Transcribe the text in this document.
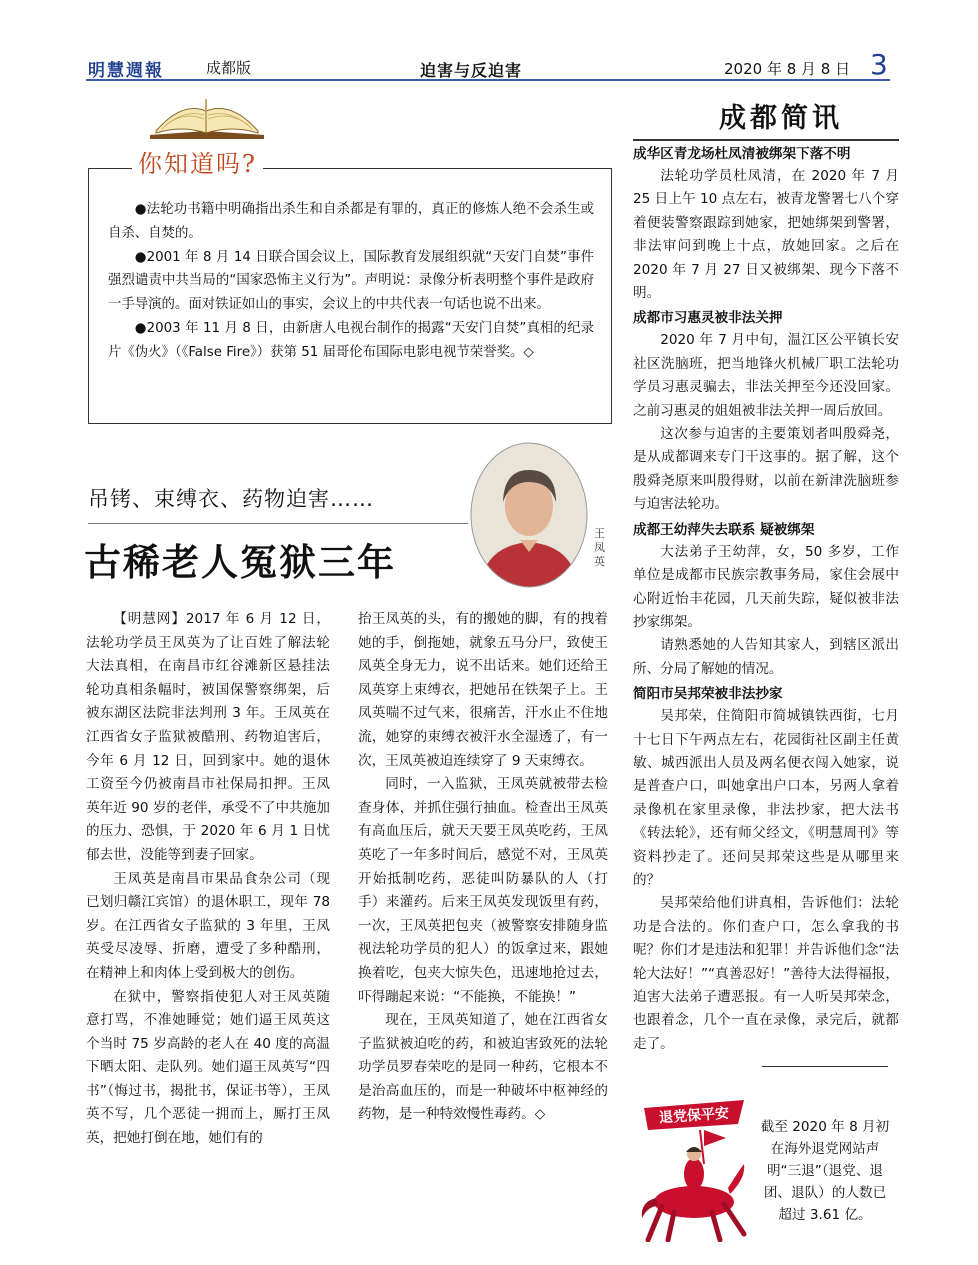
明慧週報	成都版	迫害与反迫害	2020 年 8 月 8 日 3
你知道吗?

●法轮功书籍中明确指出杀生和自杀都是有罪的，真正的修炼人绝不会杀生或自杀、自焚的。

●2001 年 8 月 14 日联合国会议上，国际教育发展组织就“天安门自焚”事件强烈谴责中共当局的“国家恐怖主义行为”。声明说：录像分析表明整个事件是政府一手导演的。面对铁证如山的事实，会议上的中共代表一句话也说不出来。

●2003 年 11 月 8 日，由新唐人电视台制作的揭露“天安门自焚”真相的纪录片《伪火》（《False Fire》）获第 51 届哥伦布国际电影电视节荣誉奖。◇

吊铐、束缚衣、药物迫害……
古稀老人冤狱三年
王凤英

【明慧网】2017 年 6 月 12 日，法轮功学员王凤英为了让百姓了解法轮大法真相，在南昌市红谷滩新区悬挂法轮功真相条幅时，被国保警察绑架，后被东湖区法院非法判刑 3 年。王凤英在江西省女子监狱被酷刑、药物迫害后，今年 6 月 12 日，回到家中。她的退休工资至今仍被南昌市社保局扣押。王凤英年近 90 岁的老伴，承受不了中共施加的压力、恐惧，于 2020 年 6 月 1 日忧郁去世，没能等到妻子回家。

王凤英是南昌市果品食杂公司（现已划归赣江宾馆）的退休职工，现年 78 岁。在江西省女子监狱的 3 年里，王凤英受尽凌辱、折磨，遭受了多种酷刑，在精神上和肉体上受到极大的创伤。

在狱中，警察指使犯人对王凤英随意打骂，不准她睡觉；她们逼王凤英这个当时 75 岁高龄的老人在 40 度的高温下晒太阳、走队列。她们逼王凤英写“四书”（悔过书，揭批书，保证书等），王凤英不写，几个恶徒一拥而上，厮打王凤英，把她打倒在地，她们有的

抬王凤英的头，有的搬她的脚，有的拽着她的手，倒拖她，就象五马分尸，致使王凤英全身无力，说不出话来。她们还给王凤英穿上束缚衣，把她吊在铁架子上。王凤英喘不过气来，很痛苦，汗水止不住地流，她穿的束缚衣被汗水全湿透了，有一次，王凤英被迫连续穿了 9 天束缚衣。

同时，一入监狱，王凤英就被带去检查身体，并抓住强行抽血。检查出王凤英有高血压后，就天天要王凤英吃药，王凤英吃了一年多时间后，感觉不对，王凤英开始抵制吃药，恶徒叫防暴队的人（打手）来灌药。后来王凤英发现饭里有药，一次，王凤英把包夹（被警察安排随身监视法轮功学员的犯人）的饭拿过来，跟她换着吃，包夹大惊失色，迅速地抢过去，吓得蹦起来说：“不能换，不能换！”

现在，王凤英知道了，她在江西省女子监狱被迫吃的药，和被迫害致死的法轮功学员罗春荣吃的是同一种药，它根本不是治高血压的，而是一种破坏中枢神经的药物，是一种特效慢性毒药。◇

成都简讯
成华区青龙场杜凤清被绑架下落不明

法轮功学员杜凤清，在 2020 年 7 月 25 日上午 10 点左右，被青龙警署七八个穿着便装警察跟踪到她家，把她绑架到警署，非法审问到晚上十点，放她回家。之后在 2020 年 7 月 27 日又被绑架、现今下落不明。

成都市习惠灵被非法关押

2020 年 7 月中旬，温江区公平镇长安社区洗脑班，把当地锋火机械厂职工法轮功学员习惠灵骗去，非法关押至今还没回家。之前习惠灵的姐姐被非法关押一周后放回。

这次参与迫害的主要策划者叫殷舜尧，是从成都调来专门干这事的。据了解，这个殷舜尧原来叫殷得财，以前在新津洗脑班参与迫害法轮功。

成都王幼萍失去联系 疑被绑架

大法弟子王幼萍，女，50 多岁，工作单位是成都市民族宗教事务局，家住会展中心附近怡丰花园，几天前失踪，疑似被非法抄家绑架。

请熟悉她的人告知其家人，到辖区派出所、分局了解她的情况。

简阳市吴邦荣被非法抄家

吴邦荣，住简阳市简城镇铁西街，七月十七日下午两点左右，花园街社区副主任黄敏、城西派出人员及两名便衣闯入她家，说是普查户口，叫她拿出户口本，另两人拿着录像机在家里录像，非法抄家，把大法书《转法轮》，还有师父经文，《明慧周刊》等资料抄走了。还问吴邦荣这些是从哪里来的？

吴邦荣给他们讲真相，告诉他们：法轮功是合法的。你们查户口，怎么拿我的书呢？你们才是违法和犯罪！并告诉他们念“法轮大法好！”“真善忍好！”善待大法得福报，迫害大法弟子遭恶报。有一人听吴邦荣念，也跟着念，几个一直在录像，录完后，就都走了。

退党保平安
截至 2020 年 8 月初在海外退党网站声明“三退”（退党、退团、退队）的人数已超过 3.61 亿。
